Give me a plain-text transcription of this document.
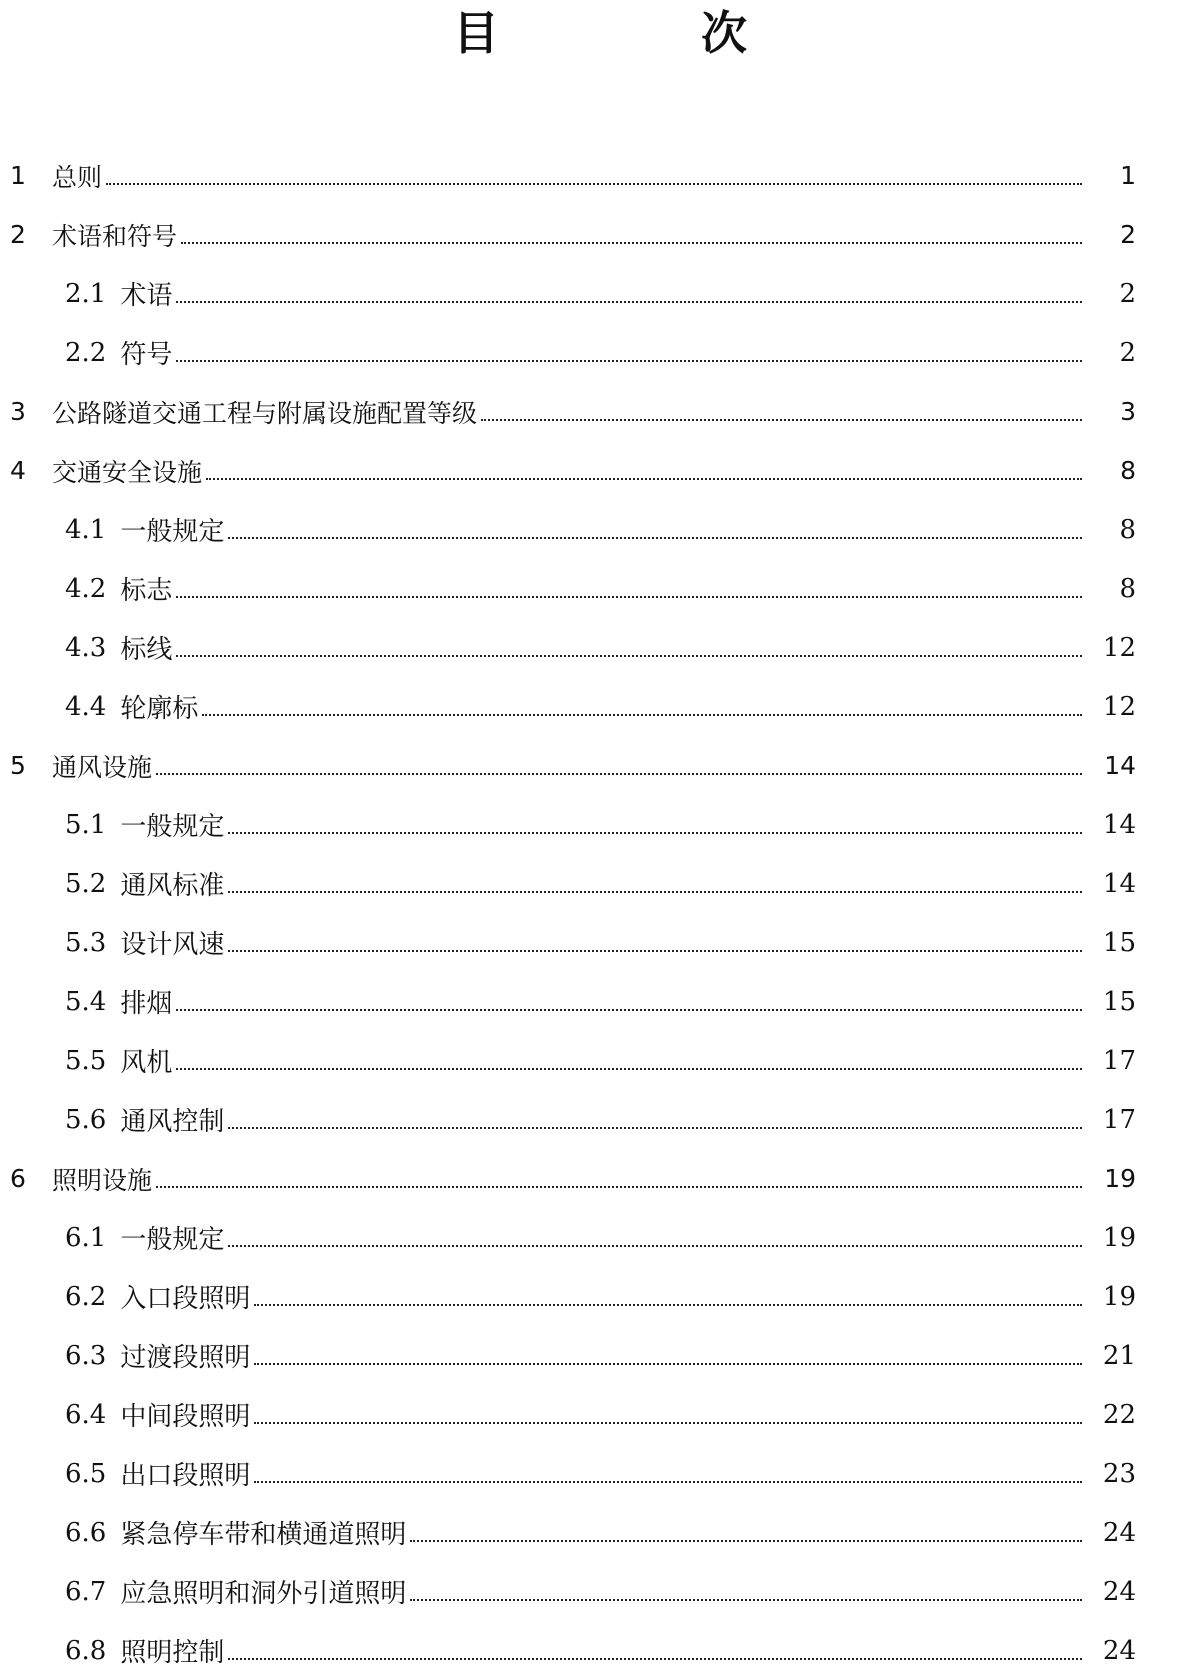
目　次
1	总则	1
2	术语和符号	2
2.1 术语	2
2.2 符号	2
3	公路隧道交通工程与附属设施配置等级	3
4	交通安全设施	8
4.1 一般规定	8
4.2 标志	8
4.3 标线	12
4.4 轮廓标	12
5	通风设施	14
5.1 一般规定	14
5.2 通风标准	14
5.3 设计风速	15
5.4 排烟	15
5.5 风机	17
5.6 通风控制	17
6	照明设施	19
6.1 一般规定	19
6.2 入口段照明	19
6.3 过渡段照明	21
6.4 中间段照明	22
6.5 出口段照明	23
6.6 紧急停车带和横通道照明	24
6.7 应急照明和洞外引道照明	24
6.8 照明控制	24
